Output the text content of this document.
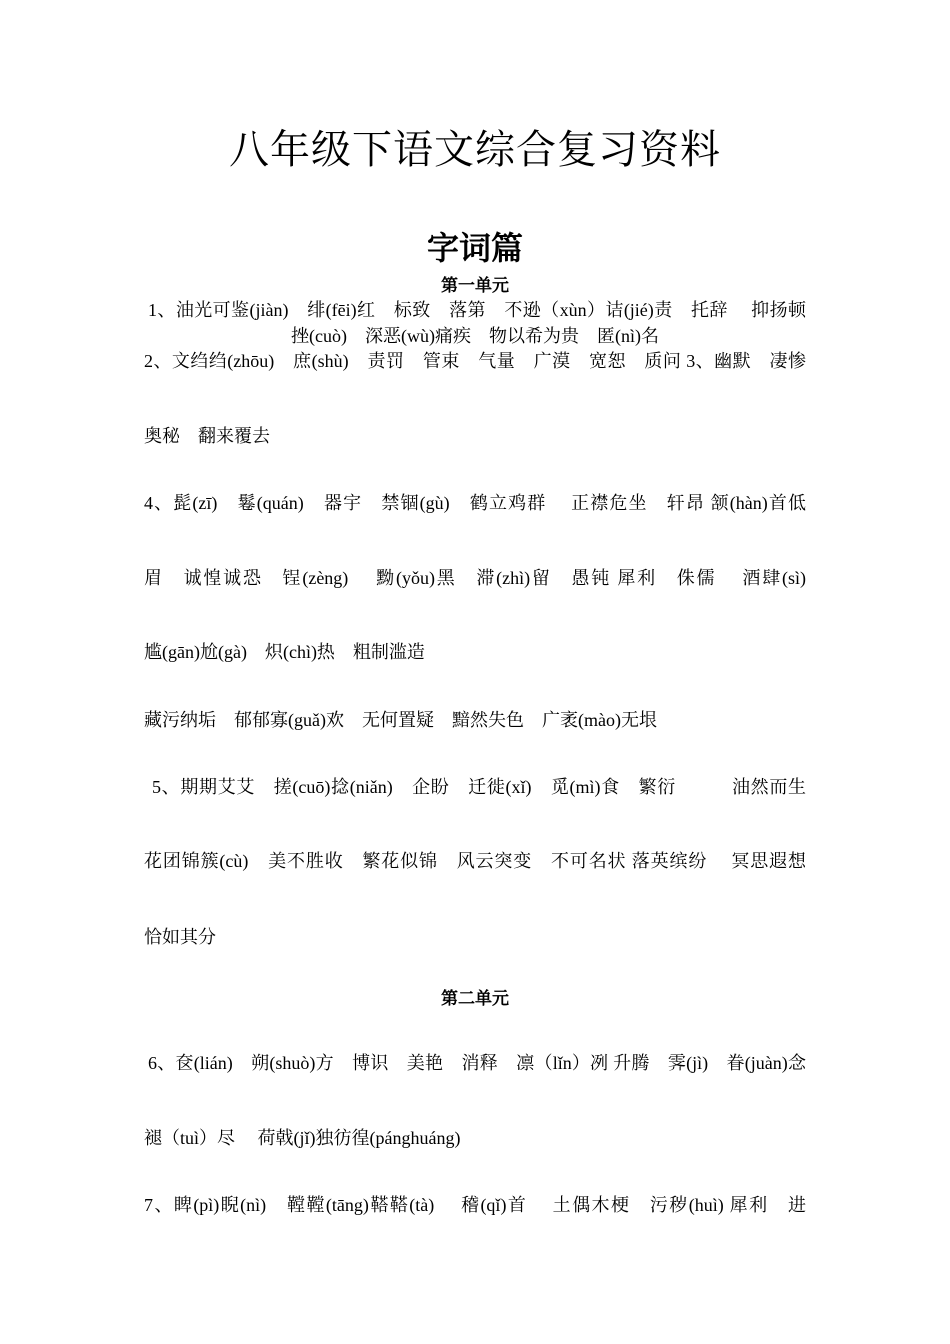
八年级下语文综合复习资料
字词篇
第一单元
1、油光可鉴(jiàn)　绯(fēi)红　标致　落第　不逊（xùn）诘(jié)责　托辞　 抑扬顿
挫(cuò)　深恶(wù)痛疾　物以希为贵　匿(nì)名
2、文绉绉(zhōu)　庶(shù)　责罚　管束　气量　广漠　宽恕　质问 3、幽默　凄惨
奥秘　翻来覆去
4、髭(zī)　鬈(quán)　器宇　禁锢(gù)　鹤立鸡群　 正襟危坐　轩昂 颔(hàn)首低
眉　诚惶诚恐　锃(zèng)　 黝(yǒu)黑　滞(zhì)留　愚钝 犀利　侏儒　 酒肆(sì)
尴(gān)尬(gà)　炽(chì)热　粗制滥造
藏污纳垢　郁郁寡(guǎ)欢　无何置疑　黯然失色　广袤(mào)无垠
5、期期艾艾　搓(cuō)捻(niǎn)　企盼　迁徙(xǐ)　觅(mì)食　繁衍　　　油然而生
花团锦簇(cù)　美不胜收　繁花似锦　风云突变　不可名状 落英缤纷　 冥思遐想
恰如其分
第二单元
6、奁(lián)　朔(shuò)方　博识　美艳　消释　凛（lǐn）冽 升腾　霁(jì)　眷(juàn)念
褪（tuì）尽　 荷戟(jǐ)独彷徨(pánghuáng)
7、睥(pì)睨(nì)　鞺鞺(tāng)鞳鞳(tà)　 稽(qǐ)首　 土偶木梗　污秽(huì) 犀利　进
